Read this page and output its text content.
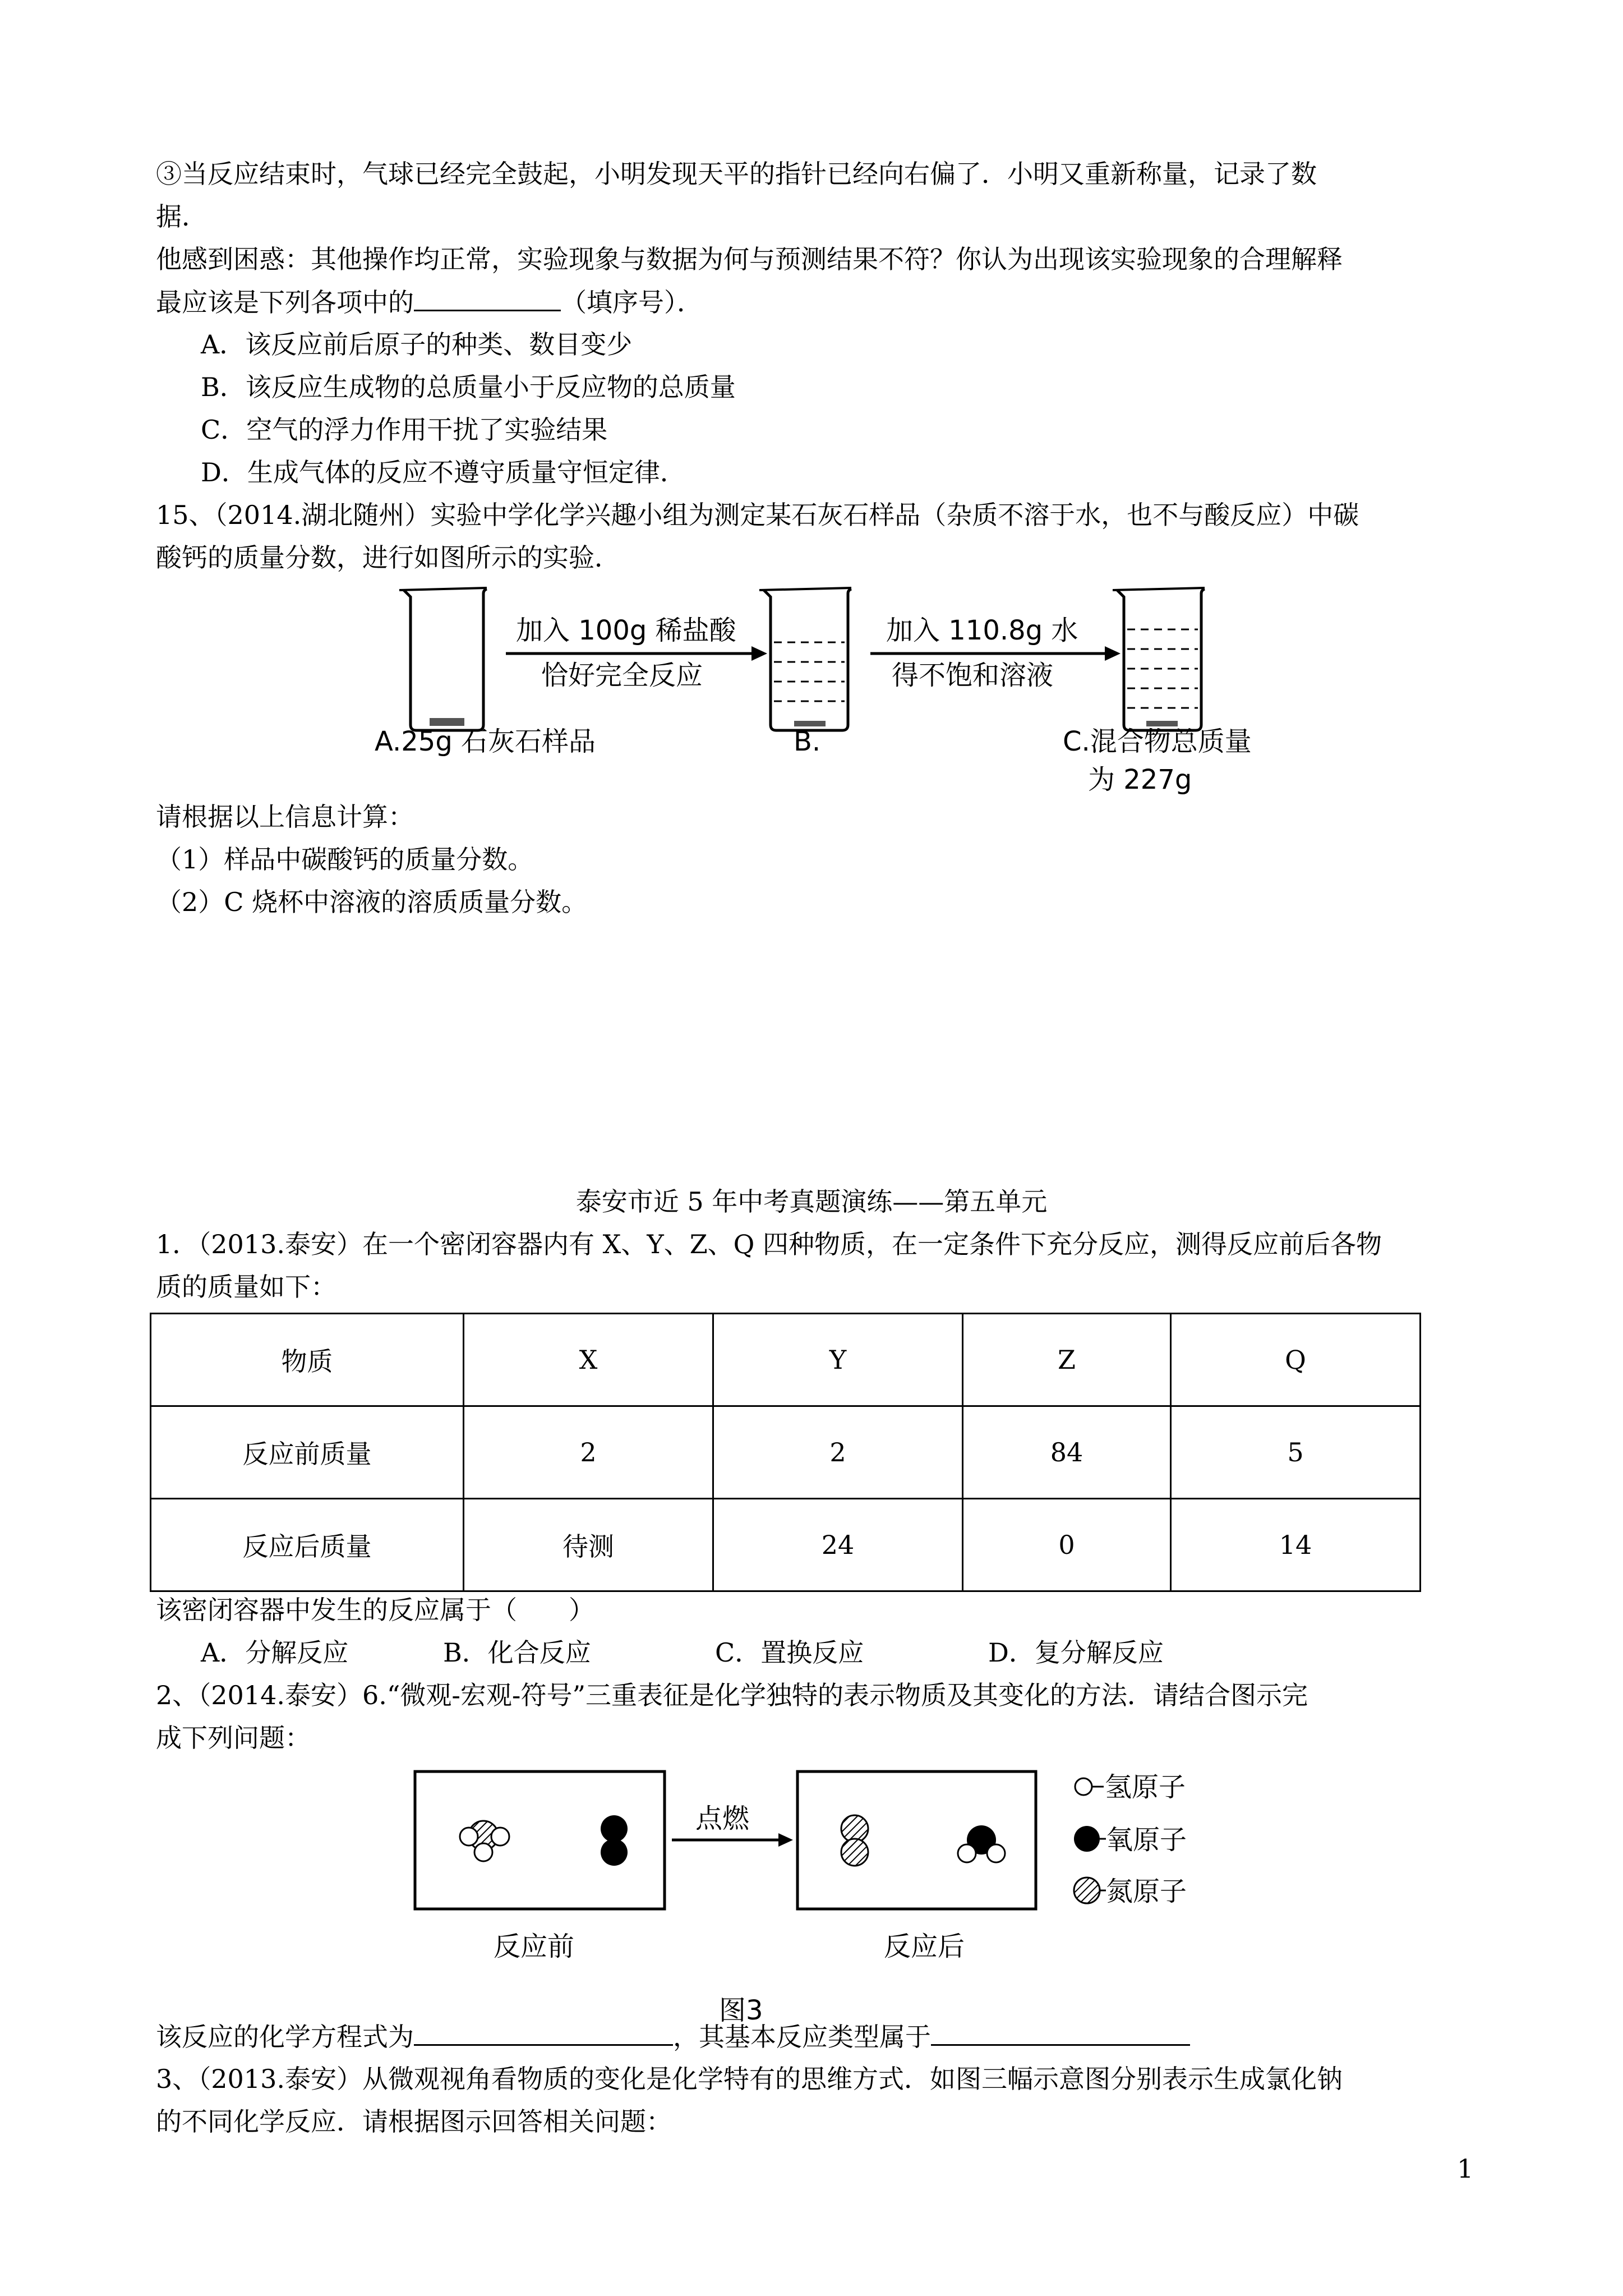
③当反应结束时，气球已经完全鼓起，小明发现天平的指针已经向右偏了．小明又重新称量，记录了数
据．
他感到困惑：其他操作均正常，实验现象与数据为何与预测结果不符？你认为出现该实验现象的合理解释
最应该是下列各项中的	（填序号）．
A．该反应前后原子的种类、数目变少
B．该反应生成物的总质量小于反应物的总质量
C．空气的浮力作用干扰了实验结果
D．生成气体的反应不遵守质量守恒定律．
15、（2014.湖北随州）实验中学化学兴趣小组为测定某石灰石样品（杂质不溶于水，也不与酸反应）中碳
酸钙的质量分数，进行如图所示的实验．
加入 100g 稀盐酸
恰好完全反应
加入 110.8g 水
得不饱和溶液
A.25g 石灰石样品	B.	C.混合物总质量
为 227g
请根据以上信息计算：
（1）样品中碳酸钙的质量分数。
（2）C 烧杯中溶液的溶质质量分数。
泰安市近 5 年中考真题演练——第五单元
1．（2013.泰安）在一个密闭容器内有 X、Y、Z、Q 四种物质，在一定条件下充分反应，测得反应前后各物
质的质量如下：
物质	X	Y	Z	Q
反应前质量	2	2	84	5
反应后质量	待测	24	0	14
该密闭容器中发生的反应属于（　　）
A．分解反应	B．化合反应	C．置换反应	D．复分解反应
2、（2014.泰安）6.“微观-宏观-符号”三重表征是化学独特的表示物质及其变化的方法．请结合图示完
成下列问题：
点燃
氢原子
氧原子
氮原子
反应前	反应后
图3
该反应的化学方程式为	，其基本反应类型属于
3、（2013.泰安）从微观视角看物质的变化是化学特有的思维方式．如图三幅示意图分别表示生成氯化钠
的不同化学反应．请根据图示回答相关问题：
1
